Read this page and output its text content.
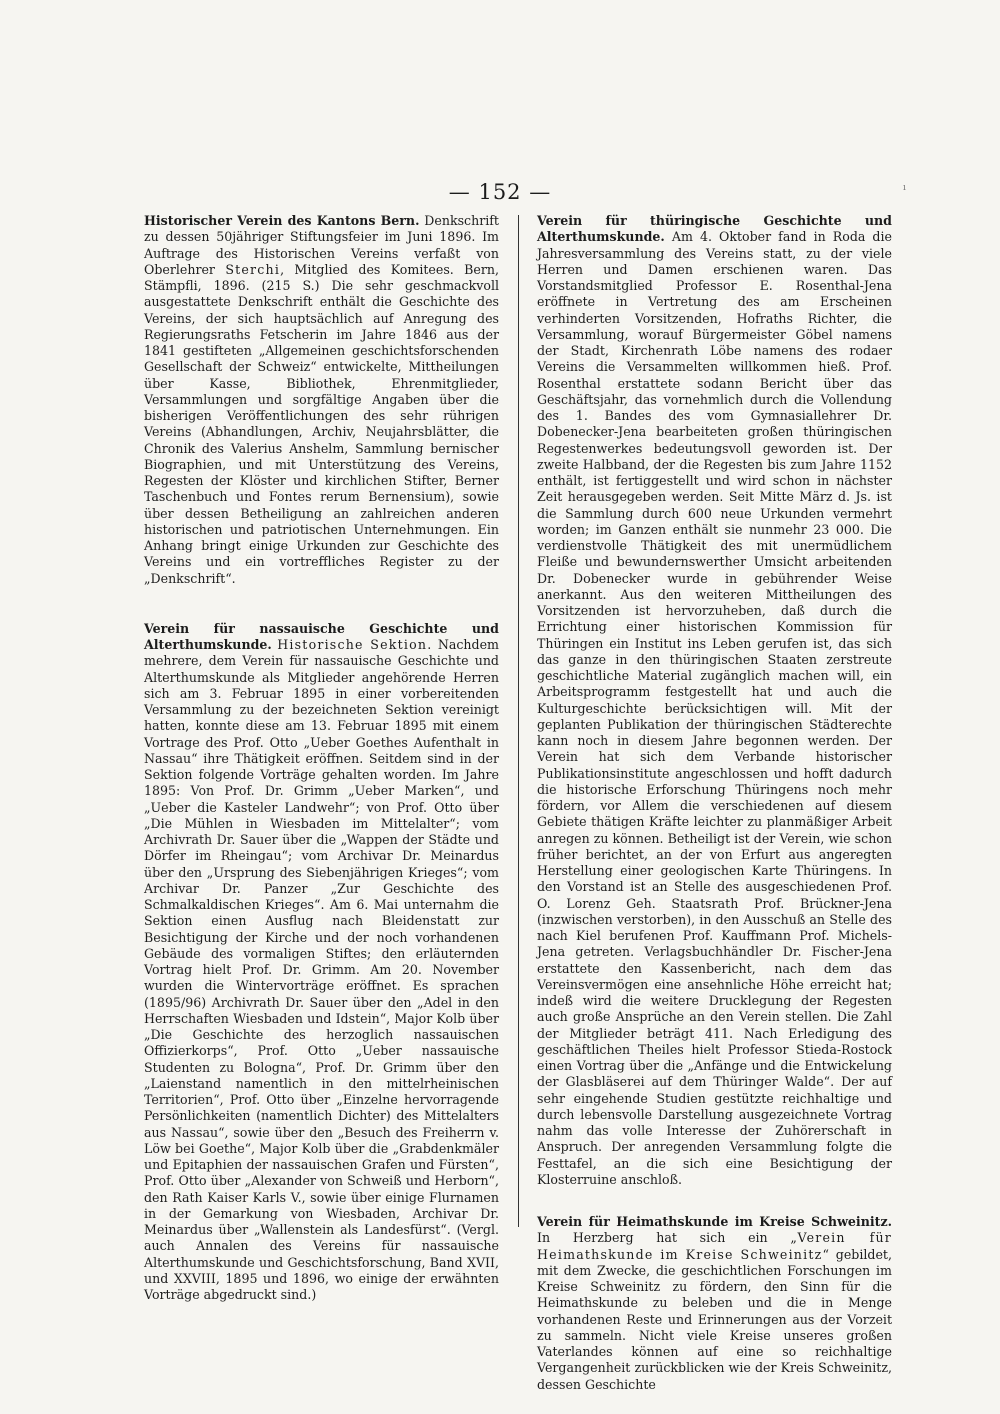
— 152 —	ı

Historischer Verein des Kantons Bern. Denkschrift zu dessen 50jähriger Stiftungsfeier im Juni 1896. Im Auftrage des Historischen Vereins verfaßt von Oberlehrer Sterchi, Mitglied des Komitees. Bern, Stämpfli, 1896. (215 S.) Die sehr geschmackvoll ausgestattete Denkschrift enthält die Geschichte des Vereins, der sich hauptsächlich auf Anregung des Regierungsraths Fetscherin im Jahre 1846 aus der 1841 gestifteten „Allgemeinen geschichtsforschenden Gesellschaft der Schweiz“ entwickelte, Mittheilungen über Kasse, Bibliothek, Ehrenmitglieder, Versammlungen und sorgfältige Angaben über die bisherigen Veröffentlichungen des sehr rührigen Vereins (Abhandlungen, Archiv, Neujahrsblätter, die Chronik des Valerius Anshelm, Sammlung bernischer Biographien, und mit Unterstützung des Vereins, Regesten der Klöster und kirchlichen Stifter, Berner Taschenbuch und Fontes rerum Bernensium), sowie über dessen Betheiligung an zahlreichen anderen historischen und patriotischen Unternehmungen. Ein Anhang bringt einige Urkunden zur Geschichte des Vereins und ein vortreffliches Register zu der „Denkschrift“.

Verein für nassauische Geschichte und Alterthumskunde. Historische Sektion. Nachdem mehrere, dem Verein für nassauische Geschichte und Alterthumskunde als Mitglieder angehörende Herren sich am 3. Februar 1895 in einer vorbereitenden Versammlung zu der bezeichneten Sektion vereinigt hatten, konnte diese am 13. Februar 1895 mit einem Vortrage des Prof. Otto „Ueber Goethes Aufenthalt in Nassau“ ihre Thätigkeit eröffnen. Seitdem sind in der Sektion folgende Vorträge gehalten worden. Im Jahre 1895: Von Prof. Dr. Grimm „Ueber Marken“, und „Ueber die Kasteler Landwehr“; von Prof. Otto über „Die Mühlen in Wiesbaden im Mittelalter“; vom Archivrath Dr. Sauer über die „Wappen der Städte und Dörfer im Rheingau“; vom Archivar Dr. Meinardus über den „Ursprung des Siebenjährigen Krieges“; vom Archivar Dr. Panzer „Zur Geschichte des Schmalkaldischen Krieges“. Am 6. Mai unternahm die Sektion einen Ausflug nach Bleidenstatt zur Besichtigung der Kirche und der noch vorhandenen Gebäude des vormaligen Stiftes; den erläuternden Vortrag hielt Prof. Dr. Grimm. Am 20. November wurden die Wintervorträge eröffnet. Es sprachen (1895/96) Archivrath Dr. Sauer über den „Adel in den Herrschaften Wiesbaden und Idstein“, Major Kolb über „Die Geschichte des herzoglich nassauischen Offizierkorps“, Prof. Otto „Ueber nassauische Studenten zu Bologna“, Prof. Dr. Grimm über den „Laienstand namentlich in den mittelrheinischen Territorien“, Prof. Otto über „Einzelne hervorragende Persönlichkeiten (namentlich Dichter) des Mittelalters aus Nassau“, sowie über den „Besuch des Freiherrn v. Löw bei Goethe“, Major Kolb über die „Grabdenkmäler und Epitaphien der nassauischen Grafen und Fürsten“, Prof. Otto über „Alexander von Schweiß und Herborn“, den Rath Kaiser Karls V., sowie über einige Flurnamen in der Gemarkung von Wiesbaden, Archivar Dr. Meinardus über „Wallenstein als Landesfürst“. (Vergl. auch Annalen des Vereins für nassauische Alterthumskunde und Geschichtsforschung, Band XVII, und XXVIII, 1895 und 1896, wo einige der erwähnten Vorträge abgedruckt sind.)

Verein für thüringische Geschichte und Alterthumskunde. Am 4. Oktober fand in Roda die Jahresversammlung des Vereins statt, zu der viele Herren und Damen erschienen waren. Das Vorstandsmitglied Professor E. Rosenthal-Jena eröffnete in Vertretung des am Erscheinen verhinderten Vorsitzenden, Hofraths Richter, die Versammlung, worauf Bürgermeister Göbel namens der Stadt, Kirchenrath Löbe namens des rodaer Vereins die Versammelten willkommen hieß. Prof. Rosenthal erstattete sodann Bericht über das Geschäftsjahr, das vornehmlich durch die Vollendung des 1. Bandes des vom Gymnasiallehrer Dr. Dobenecker-Jena bearbeiteten großen thüringischen Regestenwerkes bedeutungsvoll geworden ist. Der zweite Halbband, der die Regesten bis zum Jahre 1152 enthält, ist fertiggestellt und wird schon in nächster Zeit herausgegeben werden. Seit Mitte März d. Js. ist die Sammlung durch 600 neue Urkunden vermehrt worden; im Ganzen enthält sie nunmehr 23 000. Die verdienstvolle Thätigkeit des mit unermüdlichem Fleiße und bewundernswerther Umsicht arbeitenden Dr. Dobenecker wurde in gebührender Weise anerkannt. Aus den weiteren Mittheilungen des Vorsitzenden ist hervorzuheben, daß durch die Errichtung einer historischen Kommission für Thüringen ein Institut ins Leben gerufen ist, das sich das ganze in den thüringischen Staaten zerstreute geschichtliche Material zugänglich machen will, ein Arbeitsprogramm festgestellt hat und auch die Kulturgeschichte berücksichtigen will. Mit der geplanten Publikation der thüringischen Städterechte kann noch in diesem Jahre begonnen werden. Der Verein hat sich dem Verbande historischer Publikationsinstitute angeschlossen und hofft dadurch die historische Erforschung Thüringens noch mehr fördern, vor Allem die verschiedenen auf diesem Gebiete thätigen Kräfte leichter zu planmäßiger Arbeit anregen zu können. Betheiligt ist der Verein, wie schon früher berichtet, an der von Erfurt aus angeregten Herstellung einer geologischen Karte Thüringens. In den Vorstand ist an Stelle des ausgeschiedenen Prof. O. Lorenz Geh. Staatsrath Prof. Brückner-Jena (inzwischen verstorben), in den Ausschuß an Stelle des nach Kiel berufenen Prof. Kauffmann Prof. Michels-Jena getreten. Verlagsbuchhändler Dr. Fischer-Jena erstattete den Kassenbericht, nach dem das Vereinsvermögen eine ansehnliche Höhe erreicht hat; indeß wird die weitere Drucklegung der Regesten auch große Ansprüche an den Verein stellen. Die Zahl der Mitglieder beträgt 411. Nach Erledigung des geschäftlichen Theiles hielt Professor Stieda-Rostock einen Vortrag über die „Anfänge und die Entwickelung der Glasbläserei auf dem Thüringer Walde“. Der auf sehr eingehende Studien gestützte reichhaltige und durch lebensvolle Darstellung ausgezeichnete Vortrag nahm das volle Interesse der Zuhörerschaft in Anspruch. Der anregenden Versammlung folgte die Festtafel, an die sich eine Besichtigung der Klosterruine anschloß.

Verein für Heimathskunde im Kreise Schweinitz. In Herzberg hat sich ein „Verein für Heimathskunde im Kreise Schweinitz“ gebildet, mit dem Zwecke, die geschichtlichen Forschungen im Kreise Schweinitz zu fördern, den Sinn für die Heimathskunde zu beleben und die in Menge vorhandenen Reste und Erinnerungen aus der Vorzeit zu sammeln. Nicht viele Kreise unseres großen Vaterlandes können auf eine so reichhaltige Vergangenheit zurückblicken wie der Kreis Schweinitz, dessen Geschichte
